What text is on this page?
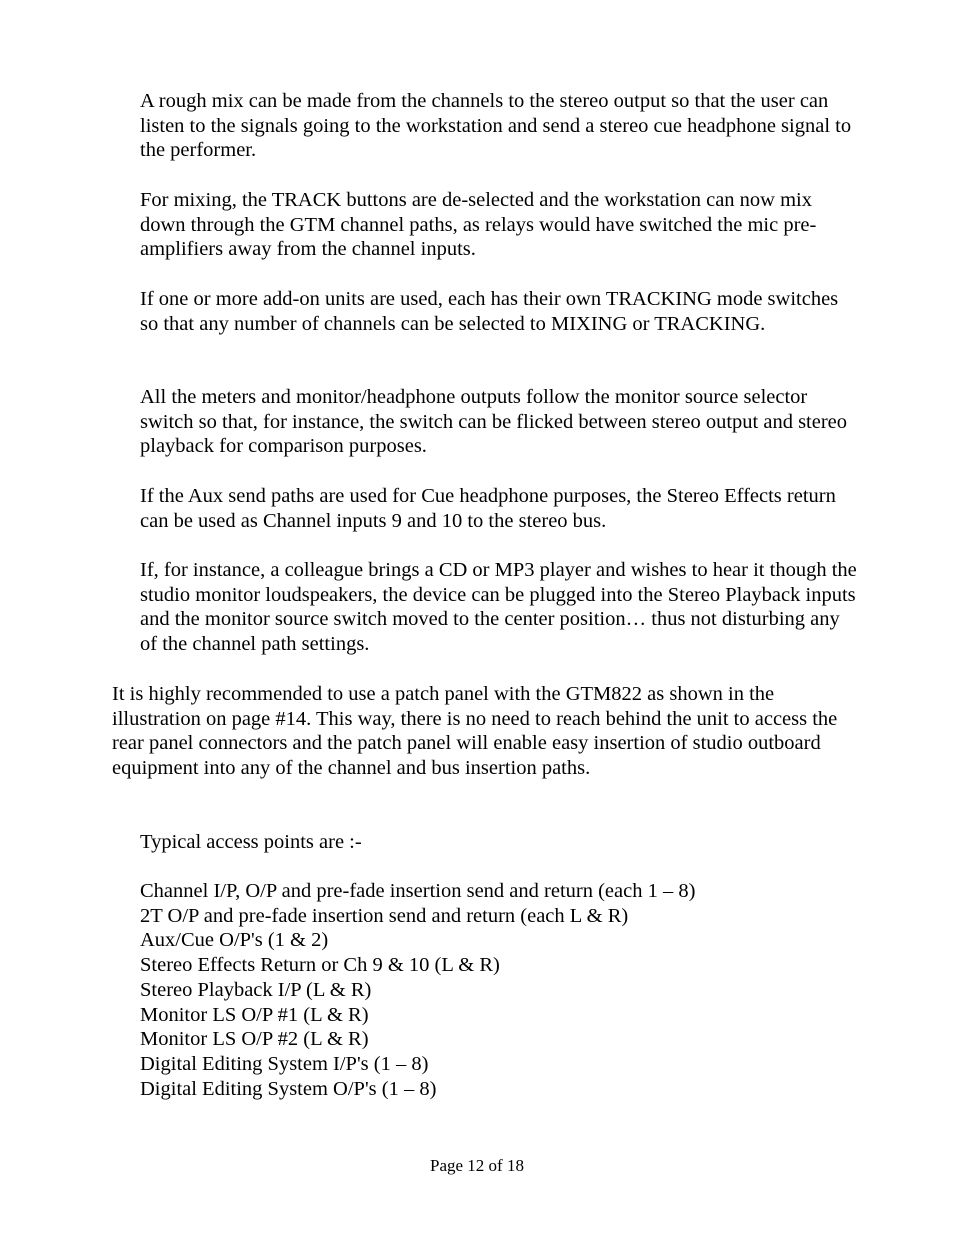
A rough mix can be made from the channels to the stereo output so that the user can listen to the signals going to the workstation and send a stereo cue headphone signal to the performer.

For mixing, the TRACK buttons are de-selected and the workstation can now mix down through the GTM channel paths, as relays would have switched the mic pre-amplifiers away from the channel inputs.

If one or more add-on units are used, each has their own TRACKING mode switches so that any number of channels can be selected to MIXING or TRACKING.

All the meters and monitor/headphone outputs follow the monitor source selector switch so that, for instance, the switch can be flicked between stereo output and stereo playback for comparison purposes.

If the Aux send paths are used for Cue headphone purposes, the Stereo Effects return can be used as Channel inputs 9 and 10 to the stereo bus.

If, for instance, a colleague brings a CD or MP3 player and wishes to hear it though the studio monitor loudspeakers, the device can be plugged into the Stereo Playback inputs and the monitor source switch moved to the center position… thus not disturbing any of the channel path settings.

It is highly recommended to use a patch panel with the GTM822 as shown in the illustration on page #14. This way, there is no need to reach behind the unit to access the rear panel connectors and the patch panel will enable easy insertion of studio outboard equipment into any of the channel and bus insertion paths.

Typical access points are :-

Channel I/P, O/P and pre-fade insertion send and return (each 1 – 8)
2T O/P and pre-fade insertion send and return (each L & R)
Aux/Cue O/P's (1 & 2)
Stereo Effects Return or Ch 9 & 10 (L & R)
Stereo Playback I/P (L & R)
Monitor LS O/P #1 (L & R)
Monitor LS O/P #2 (L & R)
Digital Editing System I/P's (1 – 8)
Digital Editing System O/P's (1 – 8)
Page 12 of 18
